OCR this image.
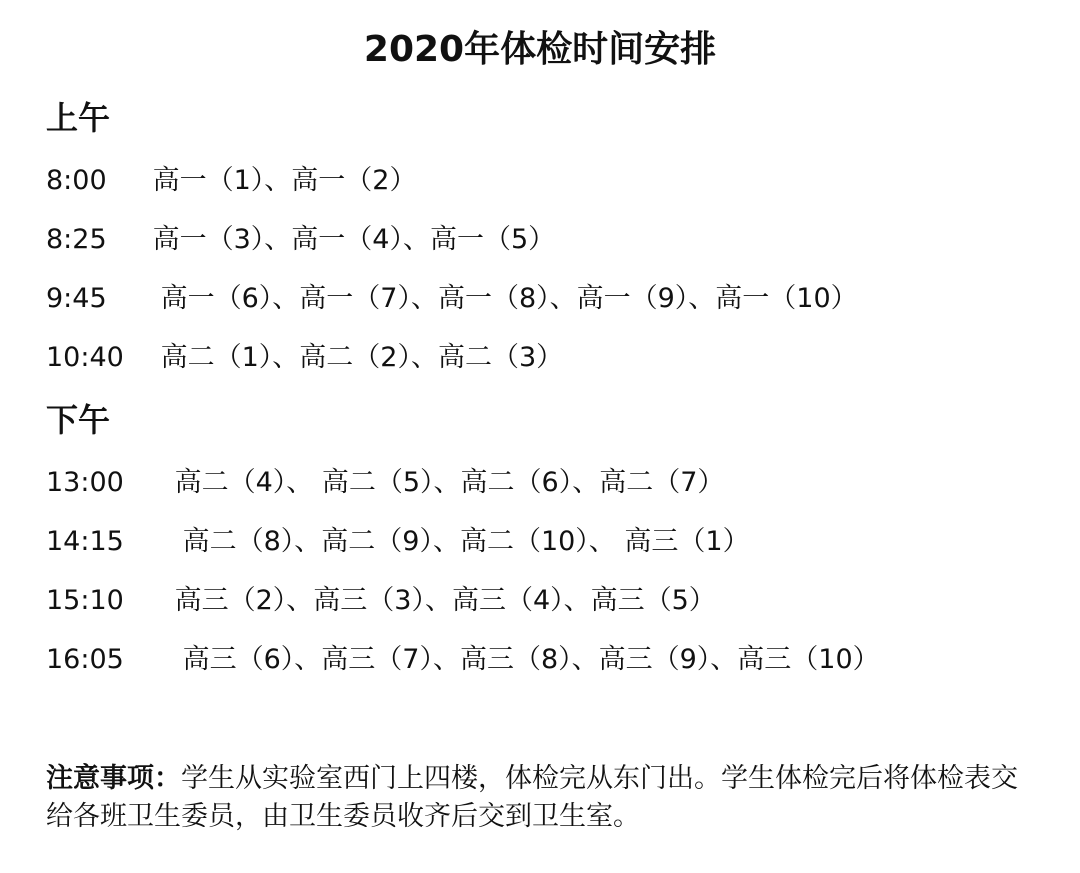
2020年体检时间安排
上午
8:00 高一（1）、高一（2）
8:25 高一（3）、高一（4）、高一（5）
9:45 高一（6）、高一（7）、高一（8）、高一（9）、高一（10）
10:40 高二（1）、高二（2）、高二（3）
下午
13:00 高二（4）、 高二（5）、高二（6）、高二（7）
14:15 高二（8）、高二（9）、高二（10）、 高三（1）
15:10 高三（2）、高三（3）、高三（4）、高三（5）
16:05 高三（6）、高三（7）、高三（8）、高三（9）、高三（10）
注意事项：学生从实验室西门上四楼，体检完从东门出。学生体检完后将体检表交给各班卫生委员，由卫生委员收齐后交到卫生室。
